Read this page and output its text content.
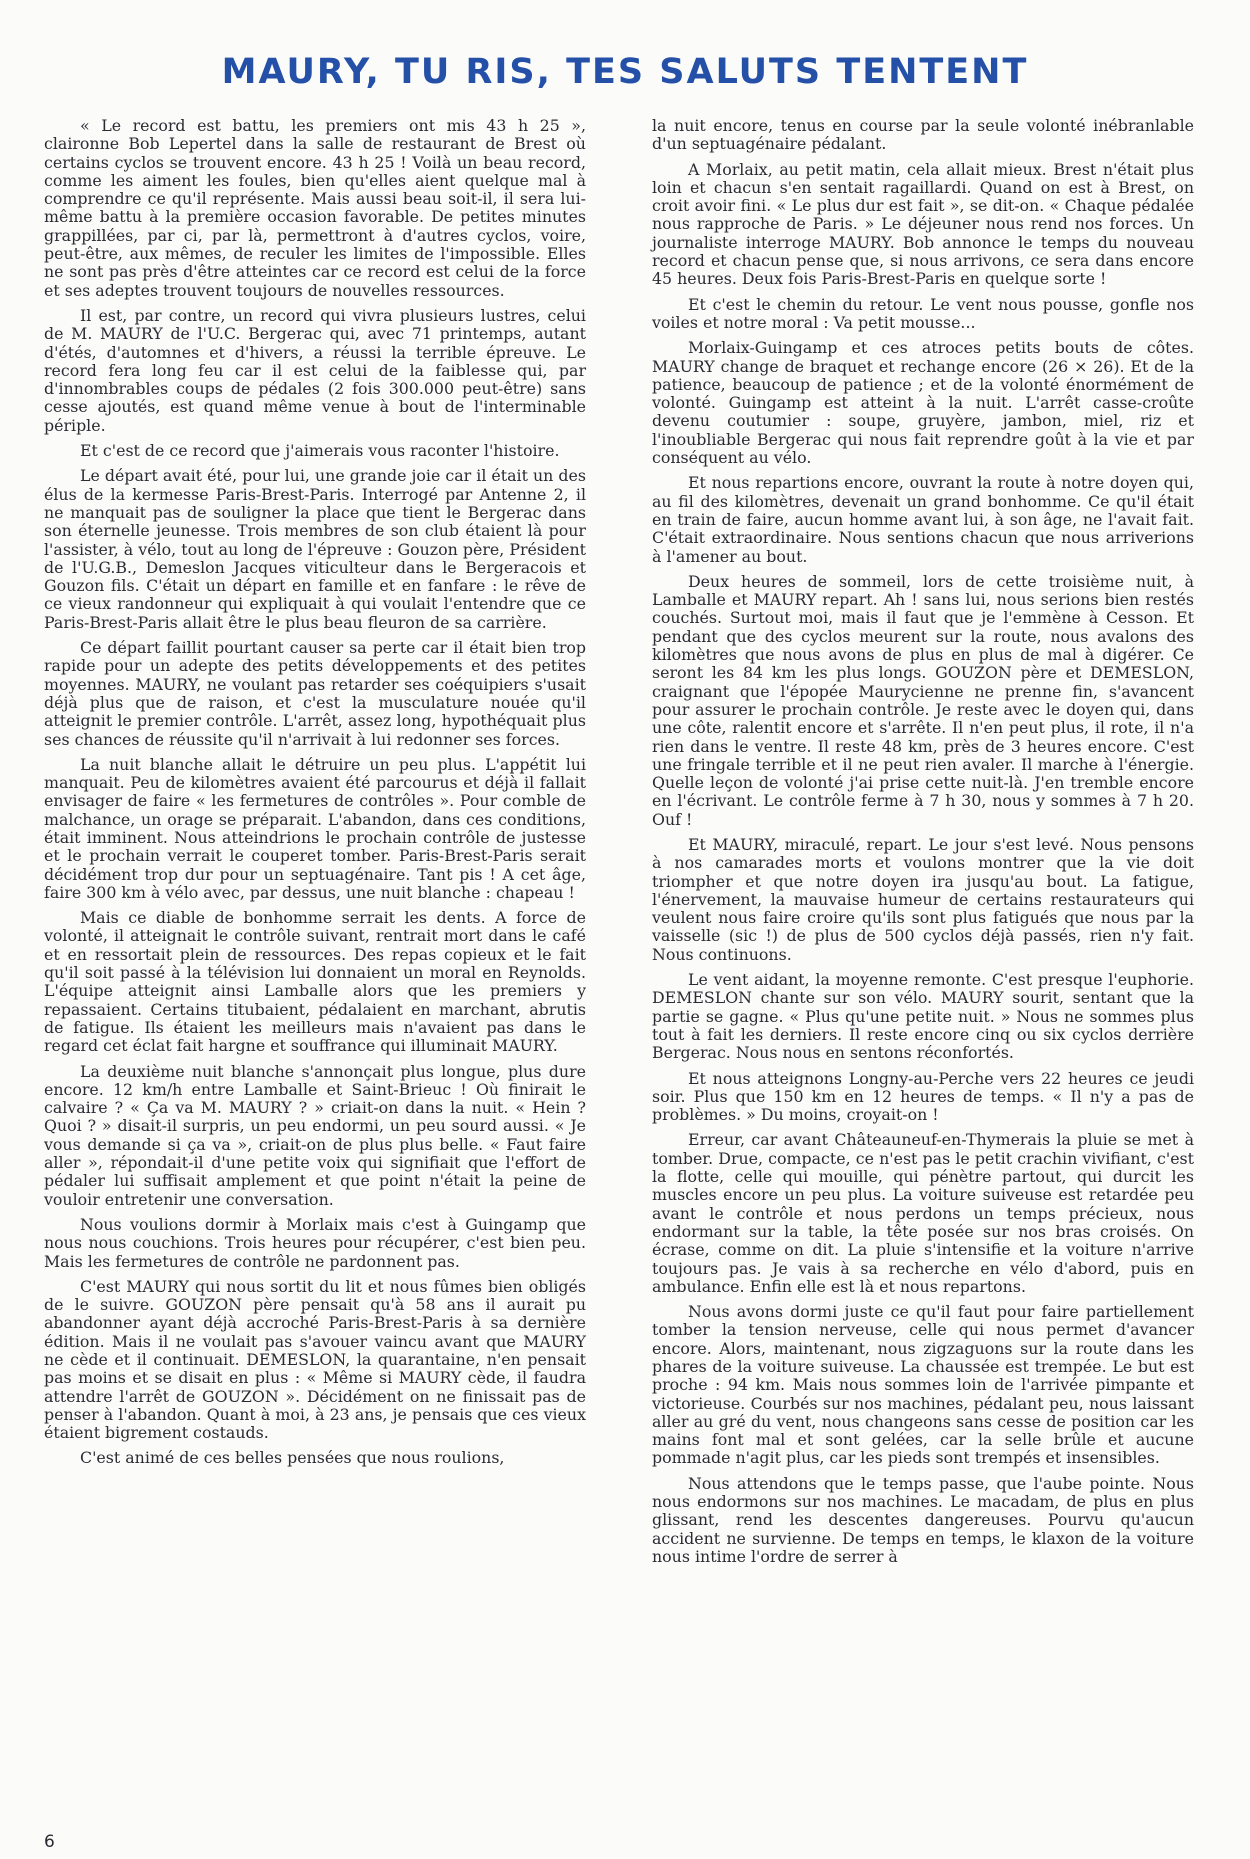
MAURY, TU RIS, TES SALUTS TENTENT

« Le record est battu, les premiers ont mis 43 h 25 », claironne Bob Lepertel dans la salle de restaurant de Brest où certains cyclos se trouvent encore. 43 h 25 ! Voilà un beau record, comme les aiment les foules, bien qu'elles aient quelque mal à comprendre ce qu'il représente. Mais aussi beau soit-il, il sera lui-même battu à la première occasion favorable. De petites minutes grappillées, par ci, par là, permettront à d'autres cyclos, voire, peut-être, aux mêmes, de reculer les limites de l'impossible. Elles ne sont pas près d'être atteintes car ce record est celui de la force et ses adeptes trouvent toujours de nouvelles ressources.

Il est, par contre, un record qui vivra plusieurs lustres, celui de M. MAURY de l'U.C. Bergerac qui, avec 71 printemps, autant d'étés, d'automnes et d'hivers, a réussi la terrible épreuve. Le record fera long feu car il est celui de la faiblesse qui, par d'innombrables coups de pédales (2 fois 300.000 peut-être) sans cesse ajoutés, est quand même venue à bout de l'interminable périple.

Et c'est de ce record que j'aimerais vous raconter l'histoire.

Le départ avait été, pour lui, une grande joie car il était un des élus de la kermesse Paris-Brest-Paris. Interrogé par Antenne 2, il ne manquait pas de souligner la place que tient le Bergerac dans son éternelle jeunesse. Trois membres de son club étaient là pour l'assister, à vélo, tout au long de l'épreuve : Gouzon père, Président de l'U.G.B., Demeslon Jacques viticulteur dans le Bergeracois et Gouzon fils. C'était un départ en famille et en fanfare : le rêve de ce vieux randonneur qui expliquait à qui voulait l'entendre que ce Paris-Brest-Paris allait être le plus beau fleuron de sa carrière.

Ce départ faillit pourtant causer sa perte car il était bien trop rapide pour un adepte des petits développements et des petites moyennes. MAURY, ne voulant pas retarder ses coéquipiers s'usait déjà plus que de raison, et c'est la musculature nouée qu'il atteignit le premier contrôle. L'arrêt, assez long, hypothéquait plus ses chances de réussite qu'il n'arrivait à lui redonner ses forces.

La nuit blanche allait le détruire un peu plus. L'appétit lui manquait. Peu de kilomètres avaient été parcourus et déjà il fallait envisager de faire « les fermetures de contrôles ». Pour comble de malchance, un orage se préparait. L'abandon, dans ces conditions, était imminent. Nous atteindrions le prochain contrôle de justesse et le prochain verrait le couperet tomber. Paris-Brest-Paris serait décidément trop dur pour un septuagénaire. Tant pis ! A cet âge, faire 300 km à vélo avec, par dessus, une nuit blanche : chapeau !

Mais ce diable de bonhomme serrait les dents. A force de volonté, il atteignait le contrôle suivant, rentrait mort dans le café et en ressortait plein de ressources. Des repas copieux et le fait qu'il soit passé à la télévision lui donnaient un moral en Reynolds. L'équipe atteignit ainsi Lamballe alors que les premiers y repassaient. Certains titubaient, pédalaient en marchant, abrutis de fatigue. Ils étaient les meilleurs mais n'avaient pas dans le regard cet éclat fait hargne et souffrance qui illuminait MAURY.

La deuxième nuit blanche s'annonçait plus longue, plus dure encore. 12 km/h entre Lamballe et Saint-Brieuc ! Où finirait le calvaire ? « Ça va M. MAURY ? » criait-on dans la nuit. « Hein ? Quoi ? » disait-il surpris, un peu endormi, un peu sourd aussi. « Je vous demande si ça va », criait-on de plus plus belle. « Faut faire aller », répondait-il d'une petite voix qui signifiait que l'effort de pédaler lui suffisait amplement et que point n'était la peine de vouloir entretenir une conversation.

Nous voulions dormir à Morlaix mais c'est à Guingamp que nous nous couchions. Trois heures pour récupérer, c'est bien peu. Mais les fermetures de contrôle ne pardonnent pas.

C'est MAURY qui nous sortit du lit et nous fûmes bien obligés de le suivre. GOUZON père pensait qu'à 58 ans il aurait pu abandonner ayant déjà accroché Paris-Brest-Paris à sa dernière édition. Mais il ne voulait pas s'avouer vaincu avant que MAURY ne cède et il continuait. DEMESLON, la quarantaine, n'en pensait pas moins et se disait en plus : « Même si MAURY cède, il faudra attendre l'arrêt de GOUZON ». Décidément on ne finissait pas de penser à l'abandon. Quant à moi, à 23 ans, je pensais que ces vieux étaient bigrement costauds.

C'est animé de ces belles pensées que nous roulions,

la nuit encore, tenus en course par la seule volonté inébranlable d'un septuagénaire pédalant.

A Morlaix, au petit matin, cela allait mieux. Brest n'était plus loin et chacun s'en sentait ragaillardi. Quand on est à Brest, on croit avoir fini. « Le plus dur est fait », se dit-on. « Chaque pédalée nous rapproche de Paris. » Le déjeuner nous rend nos forces. Un journaliste interroge MAURY. Bob annonce le temps du nouveau record et chacun pense que, si nous arrivons, ce sera dans encore 45 heures. Deux fois Paris-Brest-Paris en quelque sorte !

Et c'est le chemin du retour. Le vent nous pousse, gonfle nos voiles et notre moral : Va petit mousse...

Morlaix-Guingamp et ces atroces petits bouts de côtes. MAURY change de braquet et rechange encore (26 × 26). Et de la patience, beaucoup de patience ; et de la volonté énormément de volonté. Guingamp est atteint à la nuit. L'arrêt casse-croûte devenu coutumier : soupe, gruyère, jambon, miel, riz et l'inoubliable Bergerac qui nous fait reprendre goût à la vie et par conséquent au vélo.

Et nous repartions encore, ouvrant la route à notre doyen qui, au fil des kilomètres, devenait un grand bonhomme. Ce qu'il était en train de faire, aucun homme avant lui, à son âge, ne l'avait fait. C'était extraordinaire. Nous sentions chacun que nous arriverions à l'amener au bout.

Deux heures de sommeil, lors de cette troisième nuit, à Lamballe et MAURY repart. Ah ! sans lui, nous serions bien restés couchés. Surtout moi, mais il faut que je l'emmène à Cesson. Et pendant que des cyclos meurent sur la route, nous avalons des kilomètres que nous avons de plus en plus de mal à digérer. Ce seront les 84 km les plus longs. GOUZON père et DEMESLON, craignant que l'épopée Maurycienne ne prenne fin, s'avancent pour assurer le prochain contrôle. Je reste avec le doyen qui, dans une côte, ralentit encore et s'arrête. Il n'en peut plus, il rote, il n'a rien dans le ventre. Il reste 48 km, près de 3 heures encore. C'est une fringale terrible et il ne peut rien avaler. Il marche à l'énergie. Quelle leçon de volonté j'ai prise cette nuit-là. J'en tremble encore en l'écrivant. Le contrôle ferme à 7 h 30, nous y sommes à 7 h 20. Ouf !

Et MAURY, miraculé, repart. Le jour s'est levé. Nous pensons à nos camarades morts et voulons montrer que la vie doit triompher et que notre doyen ira jusqu'au bout. La fatigue, l'énervement, la mauvaise humeur de certains restaurateurs qui veulent nous faire croire qu'ils sont plus fatigués que nous par la vaisselle (sic !) de plus de 500 cyclos déjà passés, rien n'y fait. Nous continuons.

Le vent aidant, la moyenne remonte. C'est presque l'euphorie. DEMESLON chante sur son vélo. MAURY sourit, sentant que la partie se gagne. « Plus qu'une petite nuit. » Nous ne sommes plus tout à fait les derniers. Il reste encore cinq ou six cyclos derrière Bergerac. Nous nous en sentons réconfortés.

Et nous atteignons Longny-au-Perche vers 22 heures ce jeudi soir. Plus que 150 km en 12 heures de temps. « Il n'y a pas de problèmes. » Du moins, croyait-on !

Erreur, car avant Châteauneuf-en-Thymerais la pluie se met à tomber. Drue, compacte, ce n'est pas le petit crachin vivifiant, c'est la flotte, celle qui mouille, qui pénètre partout, qui durcit les muscles encore un peu plus. La voiture suiveuse est retardée peu avant le contrôle et nous perdons un temps précieux, nous endormant sur la table, la tête posée sur nos bras croisés. On écrase, comme on dit. La pluie s'intensifie et la voiture n'arrive toujours pas. Je vais à sa recherche en vélo d'abord, puis en ambulance. Enfin elle est là et nous repartons.

Nous avons dormi juste ce qu'il faut pour faire partiellement tomber la tension nerveuse, celle qui nous permet d'avancer encore. Alors, maintenant, nous zigzaguons sur la route dans les phares de la voiture suiveuse. La chaussée est trempée. Le but est proche : 94 km. Mais nous sommes loin de l'arrivée pimpante et victorieuse. Courbés sur nos machines, pédalant peu, nous laissant aller au gré du vent, nous changeons sans cesse de position car les mains font mal et sont gelées, car la selle brûle et aucune pommade n'agit plus, car les pieds sont trempés et insensibles.

Nous attendons que le temps passe, que l'aube pointe. Nous nous endormons sur nos machines. Le macadam, de plus en plus glissant, rend les descentes dangereuses. Pourvu qu'aucun accident ne survienne. De temps en temps, le klaxon de la voiture nous intime l'ordre de serrer à

6
